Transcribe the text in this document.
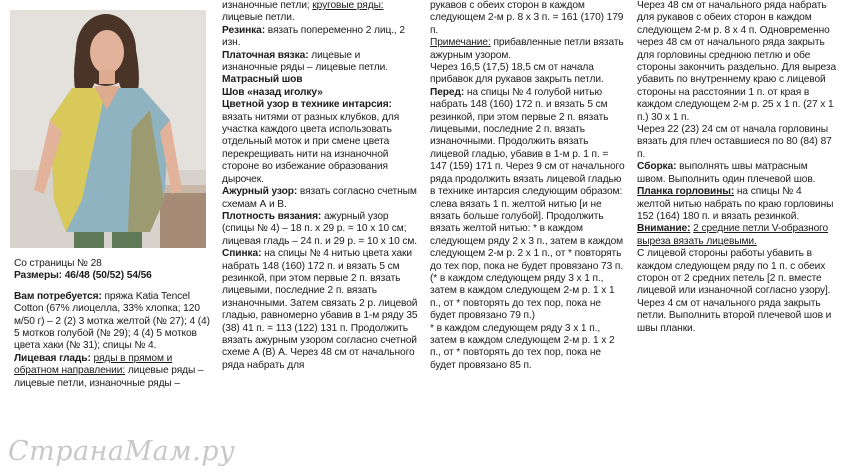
Со страницы № 28

Размеры: 46/48 (50/52) 54/56

Вам потребуется: пряжа Katia Tencel Cotton (67% лиоцелла, 33% хлопка; 120 м/50 г) – 2 (2) 3 мотка желтой (№ 27); 4 (4) 5 мотков голубой (№ 29); 4 (4) 5 мотков цвета хаки (№ 31); спицы № 4.

Лицевая гладь: ряды в прямом и обратном направлении: лицевые ряды – лицевые петли, изнаночные ряды –

изнаночные петли; круговые ряды: лицевые петли.

Резинка: вязать попеременно 2 лиц., 2 изн.

Платочная вязка: лицевые и изнаночные ряды – лицевые петли.

Матрасный шов

Шов «назад иголку»

Цветной узор в технике интарсия: вязать нитями от разных клубков, для участка каждого цвета использовать отдельный моток и при смене цвета перекрещивать нити на изнаночной стороне во избежание образования дырочек.

Ажурный узор: вязать согласно счетным схемам А и В.

Плотность вязания: ажурный узор (спицы № 4) – 18 п. х 29 р. = 10 х 10 см; лицевая гладь – 24 п. и 29 р. = 10 х 10 см.

Спинка: на спицы № 4 нитью цвета хаки набрать 148 (160) 172 п. и вязать 5 см резинкой, при этом первые 2 п. вязать лицевыми, последние 2 п. вязать изнаночными. Затем связать 2 р. лицевой гладью, равномерно убавив в 1-м ряду 35 (38) 41 п. = 113 (122) 131 п. Продолжить вязать ажурным узором согласно счетной схеме А (В) А. Через 48 см от начального ряда набрать для

рукавов с обеих сторон в каждом следующем 2-м р. 8 х 3 п. = 161 (170) 179 п.

Примечание: прибавленные петли вязать ажурным узором.

Через 16,5 (17,5) 18,5 см от начала прибавок для рукавов закрыть петли.

Перед: на спицы № 4 голубой нитью набрать 148 (160) 172 п. и вязать 5 см резинкой, при этом первые 2 п. вязать лицевыми, последние 2 п. вязать изнаночными. Продолжить вязать лицевой гладью, убавив в 1-м р. 1 п. = 147 (159) 171 п. Через 9 см от начального ряда продолжить вязать лицевой гладью в технике интарсия следующим образом: слева вязать 1 п. желтой нитью [и не вязать больше голубой]. Продолжить вязать желтой нитью: * в каждом следующем ряду 2 х 3 п., затем в каждом следующем 2-м р. 2 х 1 п., от * повторять до тех пор, пока не будет провязано 73 п.

(* в каждом следующем ряду 3 х 1 п., затем в каждом следующем 2-м р. 1 х 1 п., от * повторять до тех пор, пока не будет провязано 79 п.)

* в каждом следующем ряду 3 х 1 п., затем в каждом следующем 2-м р. 1 х 2 п., от * повторять до тех пор, пока не будет провязано 85 п.

Через 48 см от начального ряда набрать для рукавов с обеих сторон в каждом следующем 2-м р. 8 х 4 п. Одновременно через 48 см от начального ряда закрыть для горловины среднюю петлю и обе стороны закончить раздельно. Для выреза убавить по внутреннему краю с лицевой стороны на расстоянии 1 п. от края в каждом следующем 2-м р. 25 х 1 п. (27 х 1 п.) 30 х 1 п.

Через 22 (23) 24 см от начала горловины вязать для плеч оставшиеся по 80 (84) 87 п.

Сборка: выполнять швы матрасным швом. Выполнить один плечевой шов.

Планка горловины: на спицы № 4 желтой нитью набрать по краю горловины 152 (164) 180 п. и вязать резинкой.

Внимание: 2 средние петли V-образного выреза вязать лицевыми.

С лицевой стороны работы убавить в каждом следующем ряду по 1 п. с обеих сторон от 2 средних петель [2 п. вместе лицевой или изнаночной согласно узору]. Через 4 см от начального ряда закрыть петли. Выполнить второй плечевой шов и швы планки.

СтранаМам.ру
